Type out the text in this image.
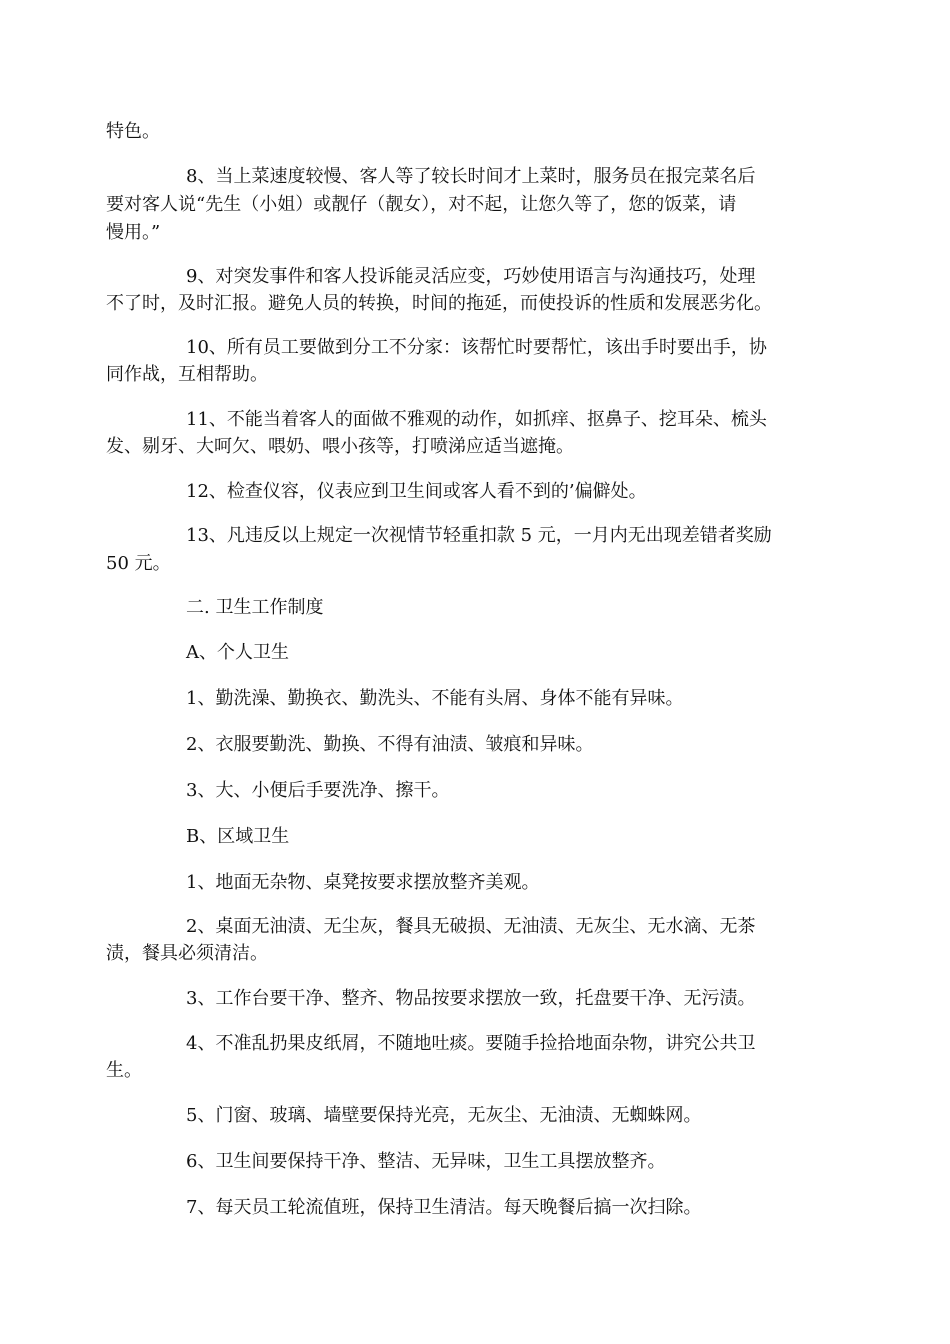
特色。
8、当上菜速度较慢、客人等了较长时间才上菜时，服务员在报完菜名后
要对客人说“先生（小姐）或靓仔（靓女），对不起，让您久等了，您的饭菜，请
慢用。”
9、对突发事件和客人投诉能灵活应变，巧妙使用语言与沟通技巧，处理
不了时，及时汇报。避免人员的转换，时间的拖延，而使投诉的性质和发展恶劣化。
10、所有员工要做到分工不分家：该帮忙时要帮忙，该出手时要出手，协
同作战，互相帮助。
11、不能当着客人的面做不雅观的动作，如抓痒、抠鼻子、挖耳朵、梳头
发、剔牙、大呵欠、喂奶、喂小孩等，打喷涕应适当遮掩。
12、检查仪容，仪表应到卫生间或客人看不到的’偏僻处。
13、凡违反以上规定一次视情节轻重扣款 5 元，一月内无出现差错者奖励
50 元。
二. 卫生工作制度
A、个人卫生
1、勤洗澡、勤换衣、勤洗头、不能有头屑、身体不能有异味。
2、衣服要勤洗、勤换、不得有油渍、皱痕和异味。
3、大、小便后手要洗净、擦干。
B、区域卫生
1、地面无杂物、桌凳按要求摆放整齐美观。
2、桌面无油渍、无尘灰，餐具无破损、无油渍、无灰尘、无水滴、无茶
渍，餐具必须清洁。
3、工作台要干净、整齐、物品按要求摆放一致，托盘要干净、无污渍。
4、不准乱扔果皮纸屑，不随地吐痰。要随手捡拾地面杂物，讲究公共卫
生。
5、门窗、玻璃、墙壁要保持光亮，无灰尘、无油渍、无蜘蛛网。
6、卫生间要保持干净、整洁、无异味，卫生工具摆放整齐。
7、每天员工轮流值班，保持卫生清洁。每天晚餐后搞一次扫除。
